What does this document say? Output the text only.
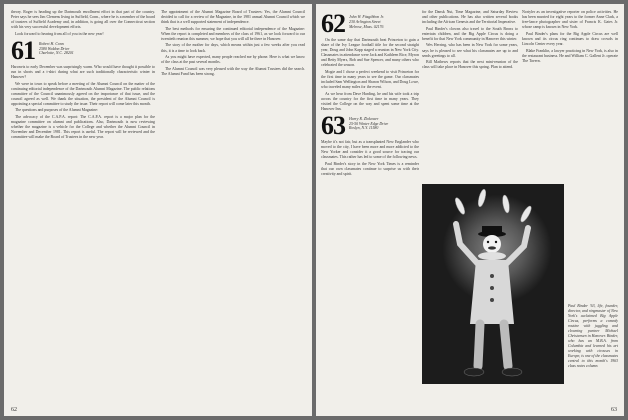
theory. Roger is heading up the Dartmouth enrollment effort in that part of the country. Peter says he sees Jim Clemens living in Suffield, Conn., where he is a member of the board of trustees of Suffield Academy and, in addition, is going all over the Connecticut section with his very successful development efforts.

Look forward to hearing from all of you in the new year!

61 Robert H. Conn
2580 Waldon Drive
Charlotte, N.C. 28201

Haronvis to early December was surprisingly warm. Who would have thought it possible to run in shorts and a t-shirt during what are such traditionally characteristic winter in Hanover?

We were in town to speak before a meeting of the Alumni Council on the matter of the continuing editorial independence of the Dartmouth Alumni Magazine. The public relations committee of the Council unanimously agreed on the importance of that issue, and the council agreed as well. We thank the situation, the president of the Alumni Council is appointing a special committee to study the issue. Their report will come later this month.

The questions and purposes of the Alumni Magazine:

The advocacy of the C.A.P.A. report: The C.A.P.A. report is a major plan for the magazine committee on alumni and publications. Also, Dartmouth is now reviewing whether the magazine is a vehicle for the College and whether the Alumni Council in November and December 1981. This report is useful. The report will be reviewed and the committee will make the Board of Trustees in the new year.

The appointment of the Alumni Magazine Board of Trustees: Yes, the Alumni Council decided to call for a review of the Magazine, in the 1981 annual Alumni Council which we think that is a well supported statement of independence.

The best methods for ensuring the continued editorial independence of the Magazine: When the report is completed and members of the class of 1961, as we look forward to our twentieth reunion this summer, we hope that you will all be there in Hanover.

The story of the mother for days, which means within just a few weeks after you read this, it is a time to look back.

As you might have expected, many people reached me by phone. Here is what we know of the class at the past several months.

The Alumni Council was very pleased with the way the Alumni Trustees did the search. The Alumni Fund has been strong.

62
62 John W. Fitzgibbon Jr.
230 Arlington Street
Melrose, Mass. 02176

On the same day that Dartmouth beat Princeton to gain a share of the Ivy League football title for the second straight year, Doug and John Kapp staged a reunion in New York City. Classmates in attendance were Jack and Kathleen Rice, Myron and Betty Myers, Bob and Sue Spencer, and many others who celebrated the season.

Mogie and I chose a perfect weekend to visit Princeton for the first time in many years to see the game. Our classmates included Sam Wellington and Sharon Wilson, and Doug Lowe, who traveled many miles for the event.

As we hear from Dave Harding, he and his wife took a trip across the country for the first time in many years. They visited the College on the way and spent some time at the Hanover Inn.

63 Harry R. Zlokower
25-50 Winter Edge Drive
Roslyn, N.Y. 11580

Maybe it's not fair, but as a transplanted New Englander who moved to the city, I have been more and more addicted to the New Yorker and consider it a good source for tracing our classmates. This rather has led to some of the following news.

Paul Binder's story in the New York Times is a reminder that our own classmates continue to surprise us with their creativity and spirit.

for the Dansk Nut, Time Magazine, and Saturday Review and other publications. He has also written several books including the African Genesis and the Territorial Imperative.

Paul Binder's clowns also travel to the South Bronx to entertain children, and the Big Apple Circus is doing a benefit for that New York community in Hanover this winter.

Wes Herring, who has been in New York for some years, says he is pleased to see what his classmates are up to and sends greetings to all.

Bill Mathews reports that the next mini-reunion of the class will take place in Hanover this spring. Plan to attend.

Nortyler as an investigative reporter on police activities. He has been married for eight years to the former Anne Clark, a free-lance photographer and sister of Francis K. Gates Jr. whose camp is known in New York.

Paul Binder's plans for the Big Apple Circus are well known and its circus ring continues to draw crowds in Lincoln Center every year.

Blake Franklin, a lawyer practicing in New York, is also in the restaurant business. He and William C. Gallent Jr. operate The Tavern.

Paul Binder '63, life, founder, director, and ringmaster of New York's acclaimed Big Apple Circus, performs a comedy routine with juggling and clowning partner Michael Christensen in Hanover. Binder, who has an M.B.A. from Columbia and learned his art working with circuses in Europe, is one of the classmates central to this month's 1963 class notes column.
63
